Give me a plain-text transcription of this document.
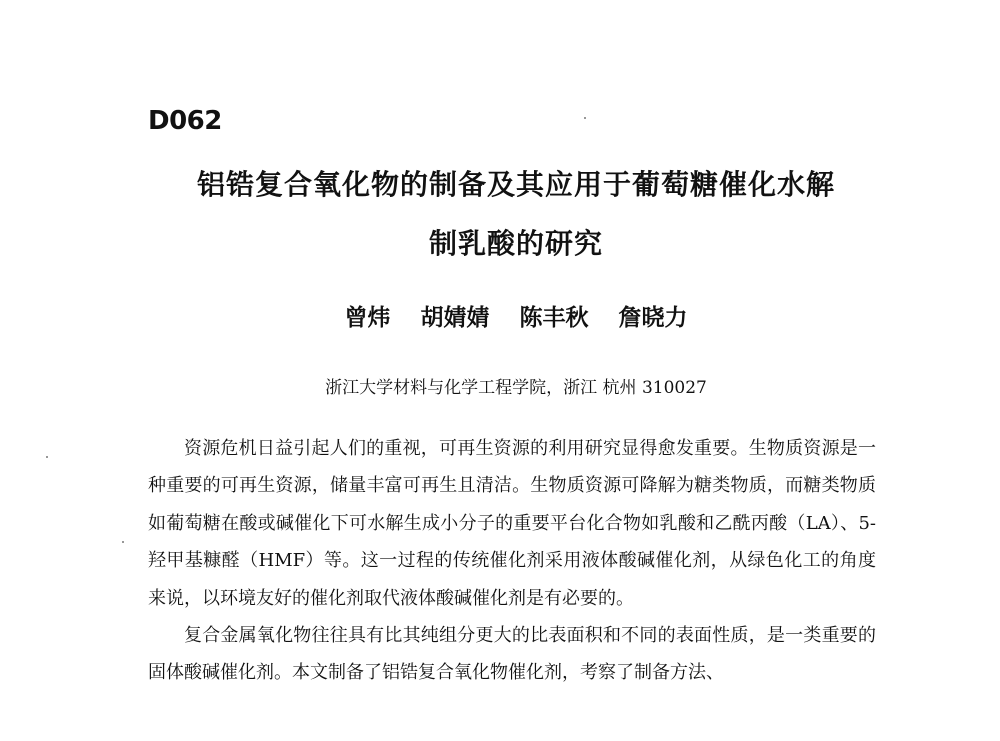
D062
铝锆复合氧化物的制备及其应用于葡萄糖催化水解
制乳酸的研究
曾炜 胡婧婧 陈丰秋 詹晓力
浙江大学材料与化学工程学院，浙江 杭州 310027

资源危机日益引起人们的重视，可再生资源的利用研究显得愈发重要。生物质资源是一种重要的可再生资源，储量丰富可再生且清洁。生物质资源可降解为糖类物质，而糖类物质如葡萄糖在酸或碱催化下可水解生成小分子的重要平台化合物如乳酸和乙酰丙酸（LA）、5-羟甲基糠醛（HMF）等。这一过程的传统催化剂采用液体酸碱催化剂，从绿色化工的角度来说，以环境友好的催化剂取代液体酸碱催化剂是有必要的。

复合金属氧化物往往具有比其纯组分更大的比表面积和不同的表面性质，是一类重要的固体酸碱催化剂。本文制备了铝锆复合氧化物催化剂，考察了制备方法、
